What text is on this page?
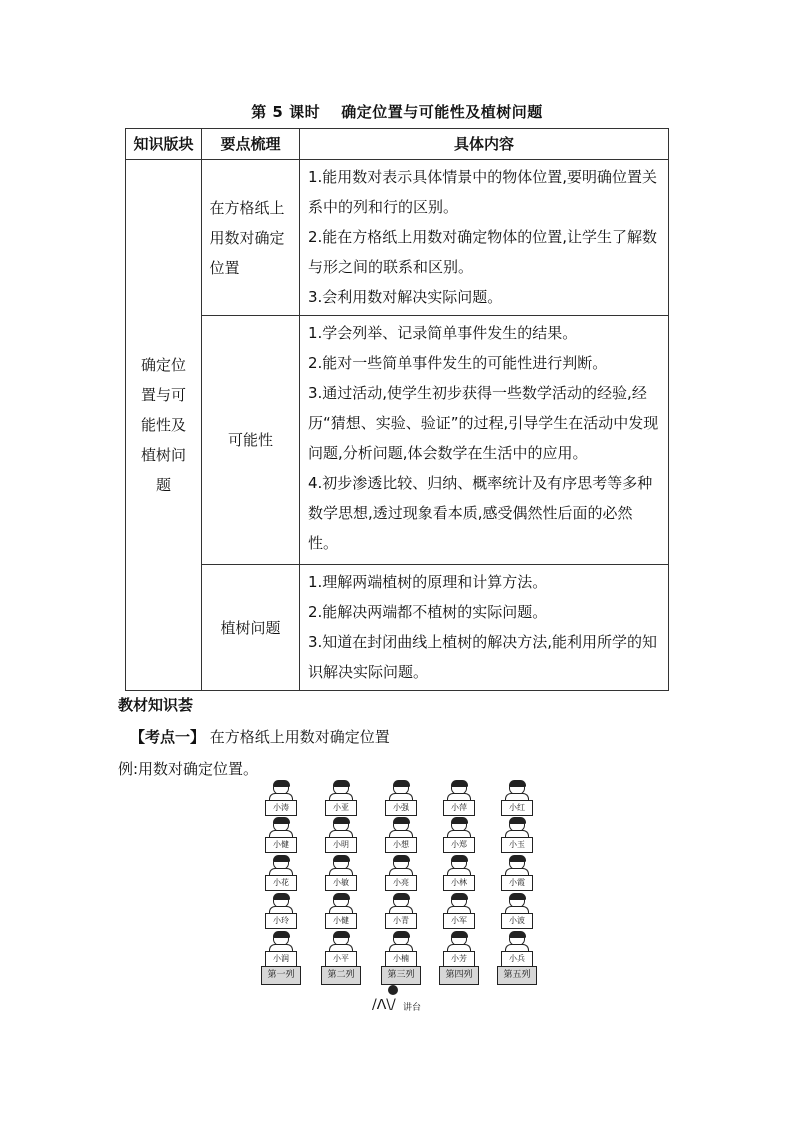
第 5 课时　 确定位置与可能性及植树问题
知识版块	要点梳理	具体内容

确定位置与可能性及植树问题	在方格纸上用数对确定位置	1.能用数对表示具体情景中的物体位置,要明确位置关系中的列和行的区别。

2.能在方格纸上用数对确定物体的位置,让学生了解数与形之间的联系和区别。

3.会利用数对解决实际问题。

	可能性	1.学会列举、记录简单事件发生的结果。

2.能对一些简单事件发生的可能性进行判断。

3.通过活动,使学生初步获得一些数学活动的经验,经历“猜想、实验、验证”的过程,引导学生在活动中发现问题,分析问题,体会数学在生活中的应用。

4.初步渗透比较、归纳、概率统计及有序思考等多种数学思想,透过现象看本质,感受偶然性后面的必然性。

	植树问题	1.理解两端植树的原理和计算方法。

2.能解决两端都不植树的实际问题。

3.知道在封闭曲线上植树的解决方法,能利用所学的知识解决实际问题。

教材知识荟
【考点一】 在方格纸上用数对确定位置
例:用数对确定位置。
/ᐱ\/ 讲台
小涛
小健
小花
小玲
小润
第一列
小亚
小明
小敏
小健
小平
第二列
小强
小想
小亮
小青
小楠
第三列
小萍
小郑
小林
小军
小芳
第四列
小红
小玉
小霞
小波
小兵
第五列
